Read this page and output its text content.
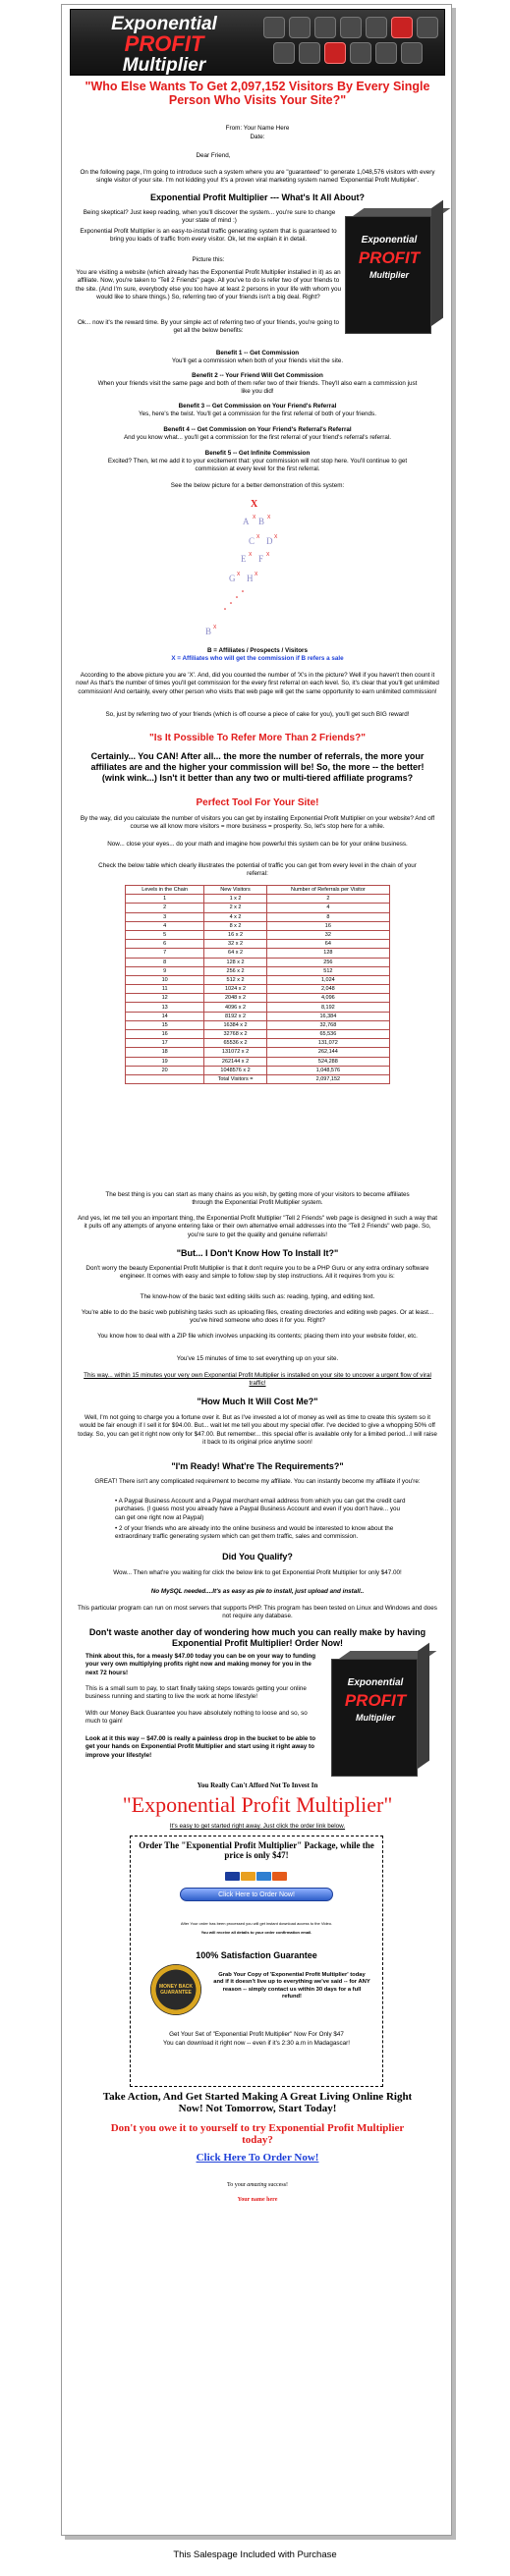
Exponential
PROFIT
Multiplier
"Who Else Wants To Get 2,097,152 Visitors By Every Single Person Who Visits Your Site?"
From: Your Name Here
Date:
Dear Friend,
On the following page, I'm going to introduce such a system where you are "guaranteed" to generate 1,048,576 visitors with every single visitor of your site. I'm not kidding you! It's a proven viral marketing system named 'Exponential Profit Multiplier'.
Exponential Profit Multiplier --- What's It All About?
Being skeptical? Just keep reading, when you'll discover the system... you're sure to change your state of mind :)
Exponential Profit Multiplier is an easy-to-install traffic generating system that is guaranteed to bring you loads of traffic from every visitor. Ok, let me explain it in detail.
Picture this:
You are visiting a website (which already has the Exponential Profit Multiplier installed in it) as an affiliate. Now, you're taken to "Tell 2 Friends" page. All you've to do is refer two of your friends to the site. (And I'm sure, everybody else you too have at least 2 persons in your life with whom you would like to share things.) So, referring two of your friends isn't a big deal. Right?
Ok... now it's the reward time. By your simple act of referring two of your friends, you're going to get all the below benefits:
Exponential
PROFIT
Multiplier
Benefit 1 -- Get Commission
You'll get a commission when both of your friends visit the site.
Benefit 2 -- Your Friend Will Get Commission
When your friends visit the same page and both of them refer two of their friends. They'll also earn a commission just like you did!
Benefit 3 -- Get Commission on Your Friend's Referral
Yes, here's the twist. You'll get a commission for the first referral of both of your friends.
Benefit 4 -- Get Commission on Your Friend's Referral's Referral
And you know what... you'll get a commission for the first referral of your friend's referral's referral.
Benefit 5 -- Get Infinite Commission
Excited? Then, let me add it to your excitement that: your commission will not stop here. You'll continue to get commission at every level for the first referral.
See the below picture for a better demonstration of this system:
X
A B
C D
E F
G H
B
X X
X	X
X	X
X	X
X
B = Affiliates / Prospects / Visitors
X = Affiliates who will get the commission if B refers a sale
According to the above picture you are 'X'. And, did you counted the number of 'X's in the picture? Well if you haven't then count it now! As that's the number of times you'll get commission for the every first referral on each level. So, it's clear that you'll get unlimited commission! And certainly, every other person who visits that web page will get the same opportunity to earn unlimited commission!
So, just by referring two of your friends (which is off course a piece of cake for you), you'll get such BIG reward!
"Is It Possible To Refer More Than 2 Friends?"
Certainly... You CAN! After all... the more the number of referrals, the more your affiliates are and the higher your commission will be! So, the more -- the better! (wink wink...) Isn't it better than any two or multi-tiered affiliate programs?
Perfect Tool For Your Site!
By the way, did you calculate the number of visitors you can get by installing Exponential Profit Multiplier on your website? And off course we all know more visitors = more business = prosperity. So, let's stop here for a while.
Now... close your eyes... do your math and imagine how powerful this system can be for your online business.
Check the below table which clearly illustrates the potential of traffic you can get from every level in the chain of your referral:
Levels in the Chain	New Visitors	Number of Referrals per Visitor
1	1 x 2	2
2	2 x 2	4
3	4 x 2	8
4	8 x 2	16
5	16 x 2	32
6	32 x 2	64
7	64 x 2	128
8	128 x 2	256
9	256 x 2	512
10	512 x 2	1,024
11	1024 x 2	2,048
12	2048 x 2	4,096
13	4096 x 2	8,192
14	8192 x 2	16,384
15	16384 x 2	32,768
16	32768 x 2	65,536
17	65536 x 2	131,072
18	131072 x 2	262,144
19	262144 x 2	524,288
20	1048576 x 2	1,048,576
	Total Visitors =	2,097,152
The best thing is you can start as many chains as you wish, by getting more of your visitors to become affiliates through the Exponential Profit Multiplier system.
And yes, let me tell you an important thing, the Exponential Profit Multiplier "Tell 2 Friends" web page is designed in such a way that it pulls off any attempts of anyone entering fake or their own alternative email addresses into the "Tell 2 Friends" web page. So, you're sure to get the quality and genuine referrals!
"But... I Don't Know How To Install It?"
Don't worry the beauty Exponential Profit Multiplier is that it don't require you to be a PHP Guru or any extra ordinary software engineer. It comes with easy and simple to follow step by step instructions. All it requires from you is:
The know-how of the basic text editing skills such as: reading, typing, and editing text.
You're able to do the basic web publishing tasks such as uploading files, creating directories and editing web pages. Or at least... you've hired someone who does it for you. Right?
You know how to deal with a ZIP file which involves unpacking its contents; placing them into your website folder, etc.
You've 15 minutes of time to set everything up on your site.
This way... within 15 minutes your very own Exponential Profit Multiplier is installed on your site to uncover a urgent flow of viral traffic!
"How Much It Will Cost Me?"
Well, I'm not going to charge you a fortune over it. But as I've invested a lot of money as well as time to create this system so it would be fair enough if I sell it for $94.00. But... wait let me tell you about my special offer. I've decided to give a whopping 50% off today. So, you can get it right now only for $47.00. But remember... this special offer is available only for a limited period...I will raise it back to its original price anytime soon!
"I'm Ready! What're The Requirements?"
GREAT! There isn't any complicated requirement to become my affiliate. You can instantly become my affiliate if you're:
• A Paypal Business Account and a Paypal merchant email address from which you can get the credit card purchases. (I guess most you already have a Paypal Business Account and even if you don't have... you can get one right now at Paypal)
• 2 of your friends who are already into the online business and would be interested to know about the extraordinary traffic generating system which can get them traffic, sales and commission.
Did You Qualify?
Wow... Then what're you waiting for click the below link to get Exponential Profit Multiplier for only $47.00!
No MySQL needed....It's as easy as pie to install, just upload and install..
This particular program can run on most servers that supports PHP. This program has been tested on Linux and Windows and does not require any database.
Don't waste another day of wondering how much you can really make by having Exponential Profit Multiplier! Order Now!
Think about this, for a measly $47.00 today you can be on your way to funding your very own multiplying profits right now and making money for you in the next 72 hours!
This is a small sum to pay, to start finally taking steps towards getting your online business running and starting to live the work at home lifestyle!
With our Money Back Guarantee you have absolutely nothing to loose and so, so much to gain!
Look at it this way -- $47.00 is really a painless drop in the bucket to be able to get your hands on Exponential Profit Multiplier and start using it right away to improve your lifestyle!
Exponential
PROFIT
Multiplier
You Really Can't Afford Not To Invest In
"Exponential Profit Multiplier"
It's easy to get started right away. Just click the order link below.
Order The "Exponential Profit Multiplier" Package, while the price is only $47!
Click Here to Order Now!
After Your order has been processed you will get instant download access to the Video.
You will receive all details to your order confirmation email.
100% Satisfaction Guarantee
MONEY BACK GUARANTEE
Grab Your Copy of 'Exponential Profit Multiplier' today and if it doesn't live up to everything we've said -- for ANY reason -- simply contact us within 30 days for a full refund!
Get Your Set of "Exponential Profit Multiplier" Now For Only $47
You can download it right now -- even if it's 2:30 a.m in Madagascar!
Take Action, And Get Started Making A Great Living Online Right Now! Not Tomorrow, Start Today!
Don't you owe it to yourself to try Exponential Profit Multiplier today?
Click Here To Order Now!
To your amazing success!
Your name here
This Salespage Included with Purchase
